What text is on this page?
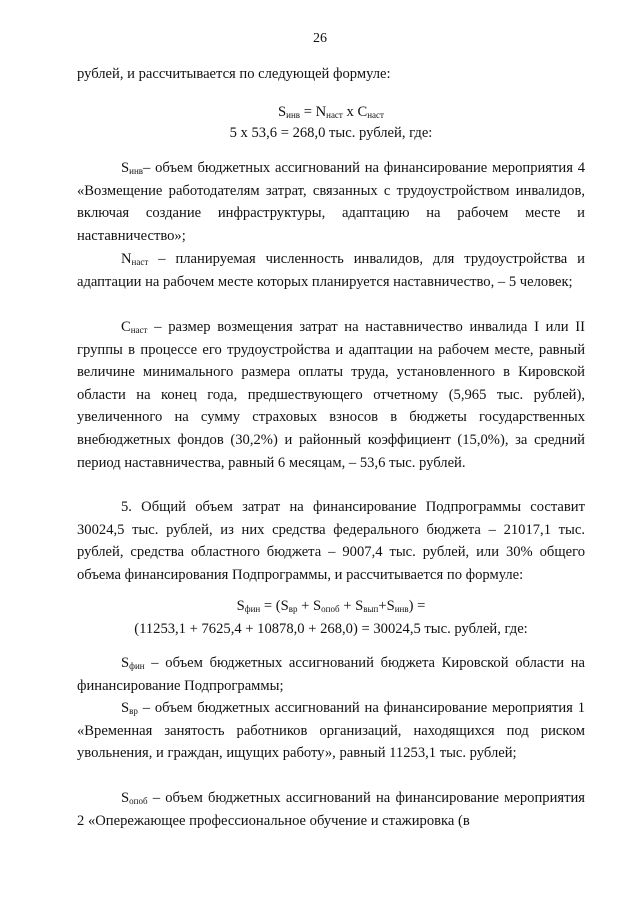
26
рублей, и рассчитывается по следующей формуле:
$S_{инв} = N_{наст}$ x $C_{наст}$
5 x 53,6 = 268,0 тыс. рублей, где:
$S_{инв}-$ объем бюджетных ассигнований на финансирование мероприятия 4 «Возмещение работодателям затрат, связанных с трудоустройством инвалидов, включая создание инфраструктуры, адаптацию на рабочем месте и наставничество»;
$N_{наст}$ – планируемая численность инвалидов, для трудоустройства и адаптации на рабочем месте которых планируется наставничество, – 5 человек;
$C_{наст}$ – размер возмещения затрат на наставничество инвалида I или II группы в процессе его трудоустройства и адаптации на рабочем месте, равный величине минимального размера оплаты труда, установленного в Кировской области на конец года, предшествующего отчетному (5,965 тыс. рублей), увеличенного на сумму страховых взносов в бюджеты государственных внебюджетных фондов (30,2%) и районный коэффициент (15,0%), за средний период наставничества, равный 6 месяцам, – 53,6 тыс. рублей.
5. Общий объем затрат на финансирование Подпрограммы составит 30024,5 тыс. рублей, из них средства федерального бюджета – 21017,1 тыс. рублей, средства областного бюджета – 9007,4 тыс. рублей, или 30% общего объема финансирования Подпрограммы, и рассчитывается по формуле:
$S_{фин} = (S_{вр} + S_{опоб} + S_{вып}+S_{инв})$ =
(11253,1 + 7625,4 + 10878,0 + 268,0) = 30024,5 тыс. рублей, где:
$S_{фин}$ – объем бюджетных ассигнований бюджета Кировской области на финансирование Подпрограммы;
$S_{вр}$ – объем бюджетных ассигнований на финансирование мероприятия 1 «Временная занятость работников организаций, находящихся под риском увольнения, и граждан, ищущих работу», равный 11253,1 тыс. рублей;
$S_{опоб}$ – объем бюджетных ассигнований на финансирование мероприятия 2 «Опережающее профессиональное обучение и стажировка (в
